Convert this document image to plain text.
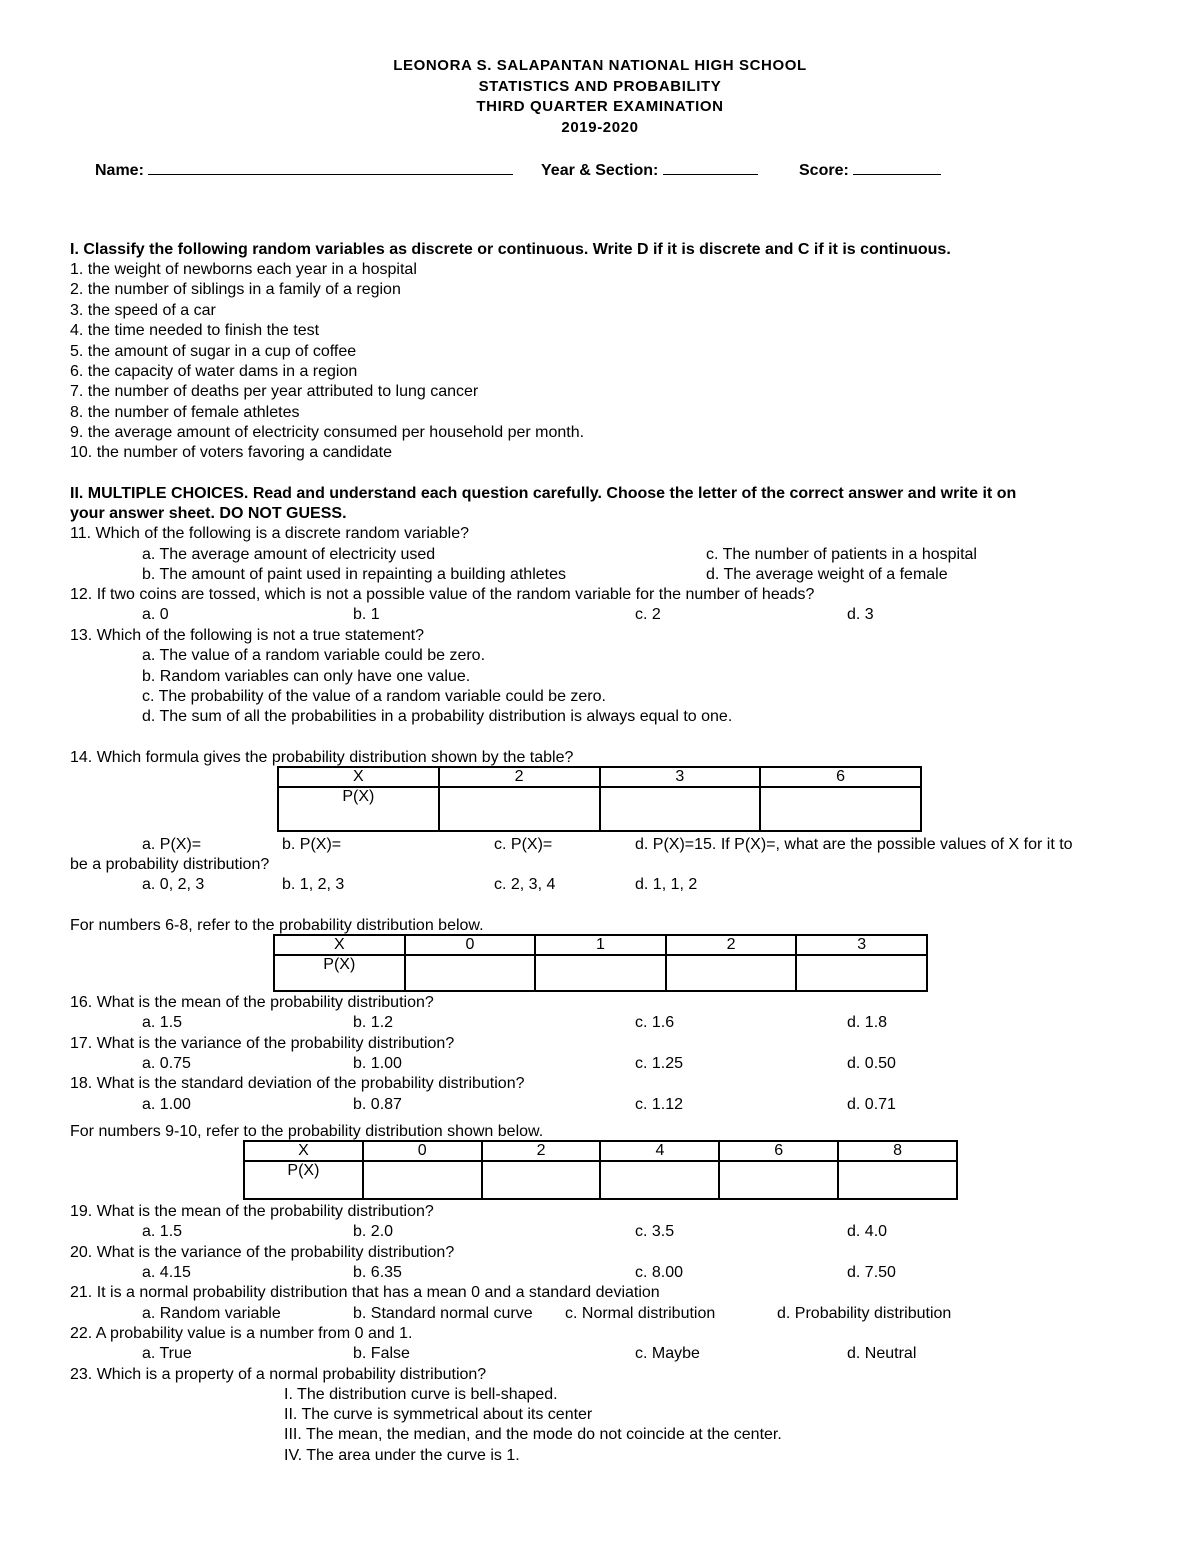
LEONORA S. SALAPANTAN NATIONAL HIGH SCHOOL
STATISTICS AND PROBABILITY
THIRD QUARTER EXAMINATION
2019-2020
Name:	Year & Section:	Score:
I. Classify the following random variables as discrete or continuous. Write D if it is discrete and C if it is continuous.
1. the weight of newborns each year in a hospital
2. the number of siblings in a family of a region
3. the speed of a car
4. the time needed to finish the test
5. the amount of sugar in a cup of coffee
6. the capacity of water dams in a region
7. the number of deaths per year attributed to lung cancer
8. the number of female athletes
9. the average amount of electricity consumed per household per month.
10. the number of voters favoring a candidate
II. MULTIPLE CHOICES. Read and understand each question carefully. Choose the letter of the correct answer and write it on
your answer sheet. DO NOT GUESS.
11. Which of the following is a discrete random variable?
a. The average amount of electricity used	c. The number of patients in a hospital
b. The amount of paint used in repainting a building athletes	d. The average weight of a female
12. If two coins are tossed, which is not a possible value of the random variable for the number of heads?
a. 0	b. 1	c. 2	d. 3
13. Which of the following is not a true statement?
a. The value of a random variable could be zero.
b. Random variables can only have one value.
c. The probability of the value of a random variable could be zero.
d. The sum of all the probabilities in a probability distribution is always equal to one.
14. Which formula gives the probability distribution shown by the table?
X	2	3	6
P(X)			
a. P(X)=	b. P(X)=	c. P(X)=	d. P(X)=15. If P(X)=, what are the possible values of X for it to
be a probability distribution?
a. 0, 2, 3	b. 1, 2, 3	c. 2, 3, 4	d. 1, 1, 2
For numbers 6-8, refer to the probability distribution below.
X	0	1	2	3
P(X)				
16. What is the mean of the probability distribution?
a. 1.5	b. 1.2	c. 1.6	d. 1.8
17. What is the variance of the probability distribution?
a. 0.75	b. 1.00	c. 1.25	d. 0.50
18. What is the standard deviation of the probability distribution?
a. 1.00	b. 0.87	c. 1.12	d. 0.71
For numbers 9-10, refer to the probability distribution shown below.
X	0	2	4	6	8
P(X)					
19. What is the mean of the probability distribution?
a. 1.5	b. 2.0	c. 3.5	d. 4.0
20. What is the variance of the probability distribution?
a. 4.15	b. 6.35	c. 8.00	d. 7.50
21. It is a normal probability distribution that has a mean 0 and a standard deviation
a. Random variable	b. Standard normal curve c. Normal distribution	d. Probability distribution
22. A probability value is a number from 0 and 1.
a. True	b. False	c. Maybe	d. Neutral
23. Which is a property of a normal probability distribution?
I. The distribution curve is bell-shaped.
II. The curve is symmetrical about its center
III. The mean, the median, and the mode do not coincide at the center.
IV. The area under the curve is 1.
